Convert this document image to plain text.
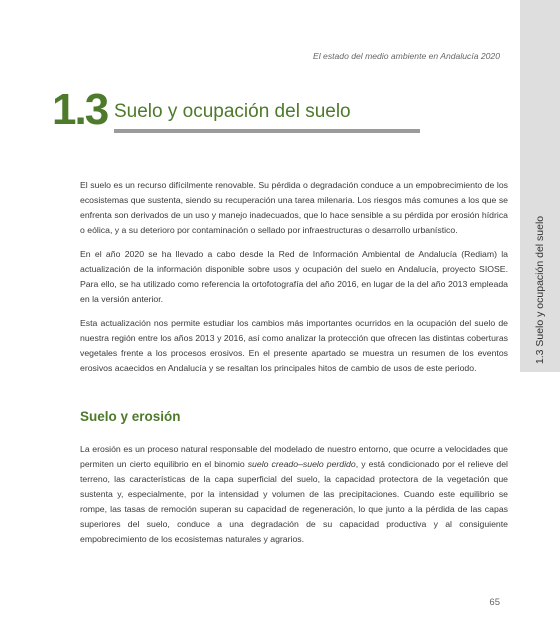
El estado del medio ambiente en Andalucía 2020
1.3 Suelo y ocupación del suelo
1.3 Suelo y ocupación del suelo

El suelo es un recurso difícilmente renovable. Su pérdida o degradación conduce a un empobrecimiento de los ecosistemas que sustenta, siendo su recuperación una tarea milenaria. Los riesgos más comunes a los que se enfrenta son derivados de un uso y manejo inadecuados, que lo hace sensible a su pérdida por erosión hídrica o eólica, y a su deterioro por contaminación o sellado por infraestructuras o desarrollo urbanístico.

En el año 2020 se ha llevado a cabo desde la Red de Información Ambiental de Andalucía (Rediam) la actualización de la información disponible sobre usos y ocupación del suelo en Andalucía, proyecto SIOSE. Para ello, se ha utilizado como referencia la ortofotografía del año 2016, en lugar de la del año 2013 empleada en la versión anterior.

Esta actualización nos permite estudiar los cambios más importantes ocurridos en la ocupación del suelo de nuestra región entre los años 2013 y 2016, así como analizar la protección que ofrecen las distintas coberturas vegetales frente a los procesos erosivos. En el presente apartado se muestra un resumen de los eventos erosivos acaecidos en Andalucía y se resaltan los principales hitos de cambio de usos de este periodo.

Suelo y erosión

La erosión es un proceso natural responsable del modelado de nuestro entorno, que ocurre a velocidades que permiten un cierto equilibrio en el binomio suelo creado–suelo perdido, y está condicionado por el relieve del terreno, las características de la capa superficial del suelo, la capacidad protectora de la vegetación que sustenta y, especialmente, por la intensidad y volumen de las precipitaciones. Cuando este equilibrio se rompe, las tasas de remoción superan su capacidad de regeneración, lo que junto a la pérdida de las capas superiores del suelo, conduce a una degradación de su capacidad productiva y al consiguiente empobrecimiento de los ecosistemas naturales y agrarios.

65
